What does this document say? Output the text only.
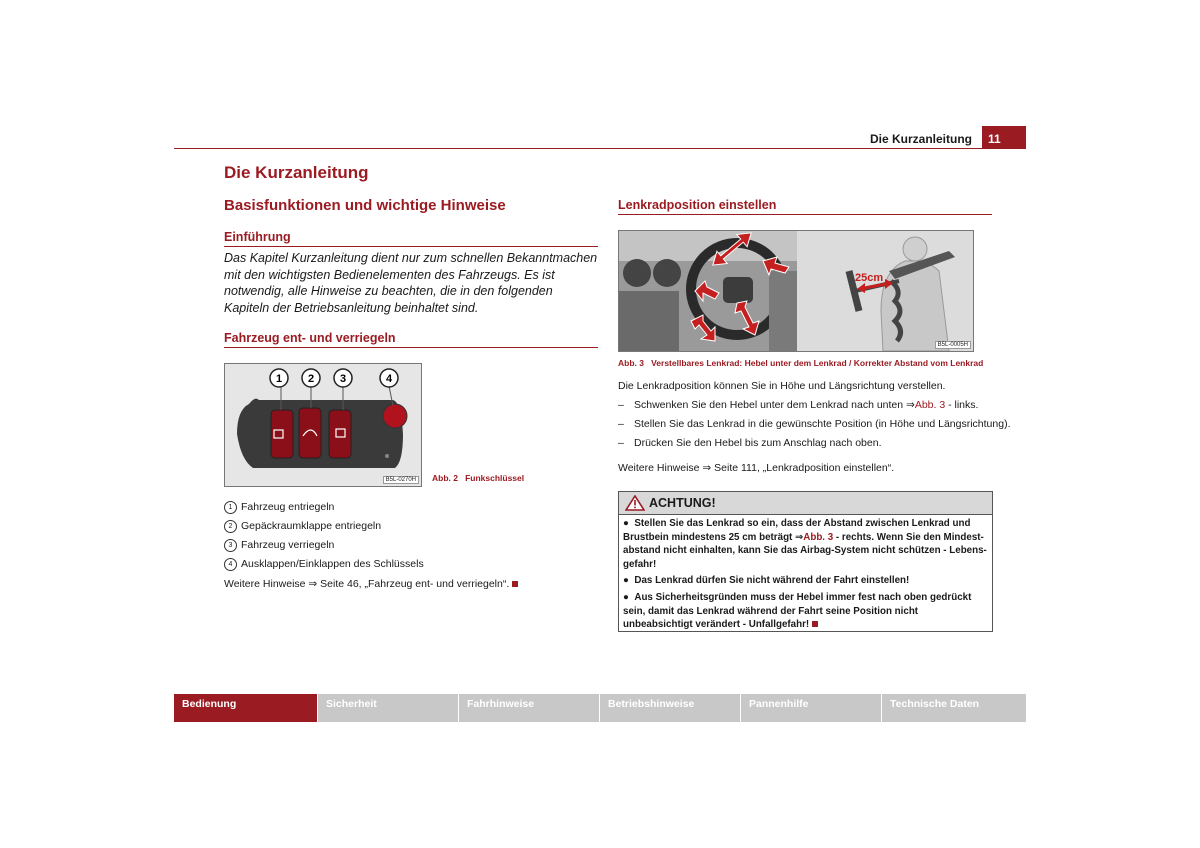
Die Kurzanleitung	11
Die Kurzanleitung
Basisfunktionen und wichtige Hinweise
Einführung
Das Kapitel Kurzanleitung dient nur zum schnellen Bekanntmachen mit den wichtigsten Bedienelementen des Fahrzeugs. Es ist notwendig, alle Hinweise zu beachten, die in den folgenden Kapiteln der Betriebsanleitung beinhaltet sind.
Fahrzeug ent- und verriegeln
1 2 3	4
B5L-0270H	Abb. 2 Funkschlüssel
1 Fahrzeug entriegeln
2 Gepäckraumklappe entriegeln
3 Fahrzeug verriegeln
4 Ausklappen/Einklappen des Schlüssels
Weitere Hinweise ⇒ Seite 46, „Fahrzeug ent- und verriegeln“.
Lenkradposition einstellen
25cm
B5L-0005H
Abb. 3 Verstellbares Lenkrad: Hebel unter dem Lenkrad / Korrekter Abstand vom Lenkrad
Die Lenkradposition können Sie in Höhe und Längsrichtung verstellen.
– Schwenken Sie den Hebel unter dem Lenkrad nach unten ⇒Abb. 3 - links.
– Stellen Sie das Lenkrad in die gewünschte Position (in Höhe und Längsrichtung).
– Drücken Sie den Hebel bis zum Anschlag nach oben.
Weitere Hinweise ⇒ Seite 111, „Lenkradposition einstellen“.
ACHTUNG!
● Stellen Sie das Lenkrad so ein, dass der Abstand zwischen Lenkrad und Brustbein mindestens 25 cm beträgt ⇒Abb. 3 - rechts. Wenn Sie den Mindest-abstand nicht einhalten, kann Sie das Airbag-System nicht schützen - Lebens-gefahr!
● Das Lenkrad dürfen Sie nicht während der Fahrt einstellen!
● Aus Sicherheitsgründen muss der Hebel immer fest nach oben gedrückt sein, damit das Lenkrad während der Fahrt seine Position nicht unbeabsichtigt verändert - Unfallgefahr!
Bedienung	Sicherheit	Fahrhinweise	Betriebshinweise	Pannenhilfe	Technische Daten
